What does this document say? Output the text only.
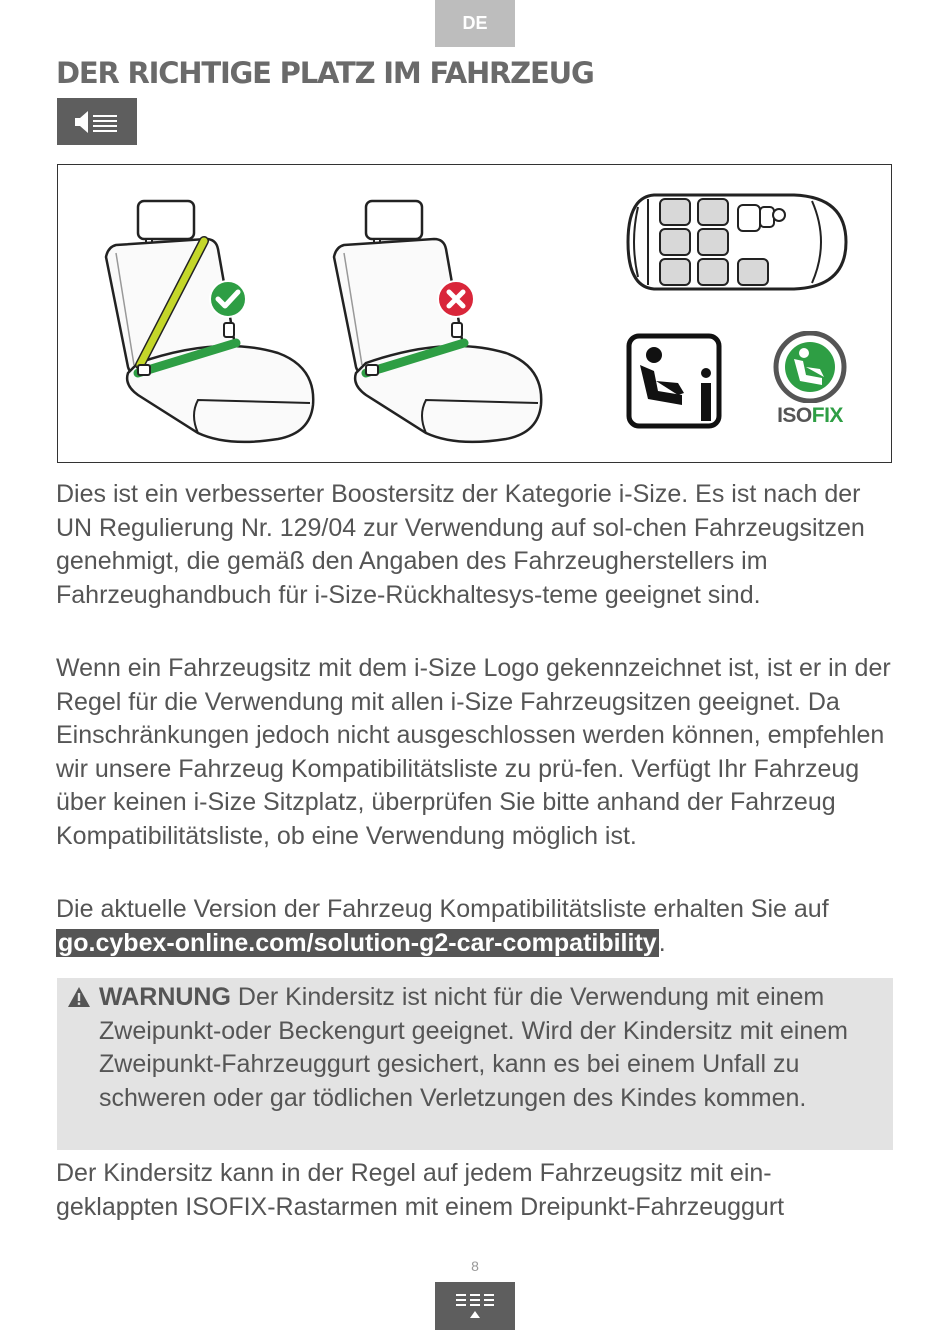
DE
DER RICHTIGE PLATZ IM FAHRZEUG
ISOFIX

Dies ist ein verbesserter Boostersitz der Kategorie i-Size. Es ist nach der UN Regulierung Nr. 129/04 zur Verwendung auf sol-chen Fahrzeugsitzen genehmigt, die gemäß den Angaben des Fahrzeugherstellers im Fahrzeughandbuch für i-Size-Rückhaltesys-teme geeignet sind.

Wenn ein Fahrzeugsitz mit dem i-Size Logo gekennzeichnet ist, ist er in der Regel für die Verwendung mit allen i-Size Fahrzeugsitzen geeignet. Da Einschränkungen jedoch nicht ausgeschlossen werden können, empfehlen wir unsere Fahrzeug Kompatibilitätsliste zu prü-fen. Verfügt Ihr Fahrzeug über keinen i-Size Sitzplatz, überprüfen Sie bitte anhand der Fahrzeug Kompatibilitätsliste, ob eine Verwendung möglich ist.

Die aktuelle Version der Fahrzeug Kompatibilitätsliste erhalten Sie auf go.cybex-online.com/solution-g2-car-compatibility.

WARNUNG Der Kindersitz ist nicht für die Verwendung mit einem Zweipunkt-oder Beckengurt geeignet. Wird der Kindersitz mit einem Zweipunkt-Fahrzeuggurt gesichert, kann es bei einem Unfall zu schweren oder gar tödlichen Verletzungen des Kindes kommen.

Der Kindersitz kann in der Regel auf jedem Fahrzeugsitz mit ein-geklappten ISOFIX-Rastarmen mit einem Dreipunkt-Fahrzeuggurt

8
